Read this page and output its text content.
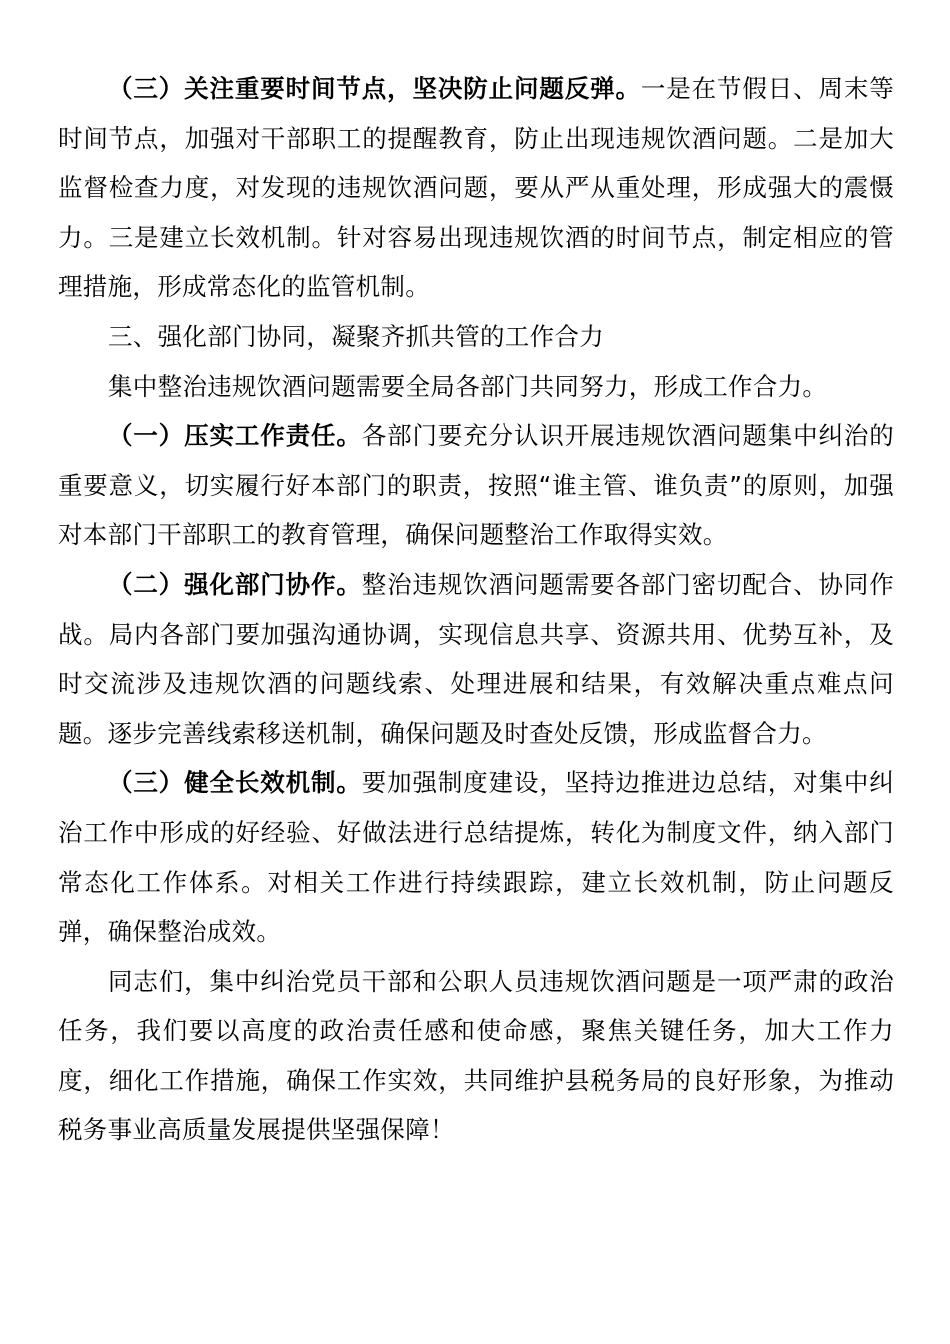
（三）关注重要时间节点，坚决防止问题反弹。一是在节假日、周末等时间节点，加强对干部职工的提醒教育，防止出现违规饮酒问题。二是加大监督检查力度，对发现的违规饮酒问题，要从严从重处理，形成强大的震慑力。三是建立长效机制。针对容易出现违规饮酒的时间节点，制定相应的管理措施，形成常态化的监管机制。

三、强化部门协同，凝聚齐抓共管的工作合力

集中整治违规饮酒问题需要全局各部门共同努力，形成工作合力。

（一）压实工作责任。各部门要充分认识开展违规饮酒问题集中纠治的重要意义，切实履行好本部门的职责，按照“谁主管、谁负责”的原则，加强对本部门干部职工的教育管理，确保问题整治工作取得实效。

（二）强化部门协作。整治违规饮酒问题需要各部门密切配合、协同作战。局内各部门要加强沟通协调，实现信息共享、资源共用、优势互补，及时交流涉及违规饮酒的问题线索、处理进展和结果，有效解决重点难点问题。逐步完善线索移送机制，确保问题及时查处反馈，形成监督合力。

（三）健全长效机制。要加强制度建设，坚持边推进边总结，对集中纠治工作中形成的好经验、好做法进行总结提炼，转化为制度文件，纳入部门常态化工作体系。对相关工作进行持续跟踪，建立长效机制，防止问题反弹，确保整治成效。

同志们，集中纠治党员干部和公职人员违规饮酒问题是一项严肃的政治任务，我们要以高度的政治责任感和使命感，聚焦关键任务，加大工作力度，细化工作措施，确保工作实效，共同维护县税务局的良好形象，为推动税务事业高质量发展提供坚强保障！
